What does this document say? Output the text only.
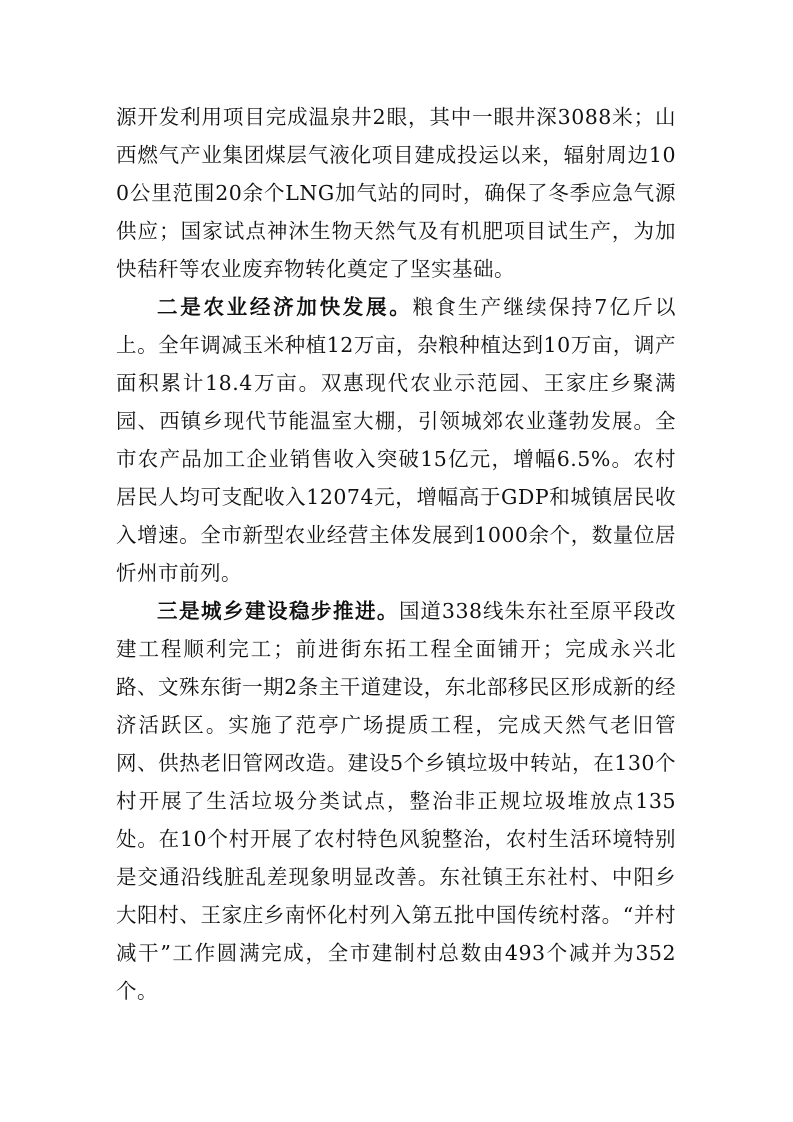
源开发利用项目完成温泉井2眼，其中一眼井深3088米；山西燃气产业集团煤层气液化项目建成投运以来，辐射周边100公里范围20余个LNG加气站的同时，确保了冬季应急气源供应；国家试点神沐生物天然气及有机肥项目试生产，为加快秸秆等农业废弃物转化奠定了坚实基础。

二是农业经济加快发展。粮食生产继续保持7亿斤以上。全年调减玉米种植12万亩，杂粮种植达到10万亩，调产面积累计18.4万亩。双惠现代农业示范园、王家庄乡聚满园、西镇乡现代节能温室大棚，引领城郊农业蓬勃发展。全市农产品加工企业销售收入突破15亿元，增幅6.5%。农村居民人均可支配收入12074元，增幅高于GDP和城镇居民收入增速。全市新型农业经营主体发展到1000余个，数量位居忻州市前列。

三是城乡建设稳步推进。国道338线朱东社至原平段改建工程顺利完工；前进街东拓工程全面铺开；完成永兴北路、文殊东街一期2条主干道建设，东北部移民区形成新的经济活跃区。实施了范亭广场提质工程，完成天然气老旧管网、供热老旧管网改造。建设5个乡镇垃圾中转站，在130个村开展了生活垃圾分类试点，整治非正规垃圾堆放点135处。在10个村开展了农村特色风貌整治，农村生活环境特别是交通沿线脏乱差现象明显改善。东社镇王东社村、中阳乡大阳村、王家庄乡南怀化村列入第五批中国传统村落。“并村减干”工作圆满完成，全市建制村总数由493个减并为352个。
